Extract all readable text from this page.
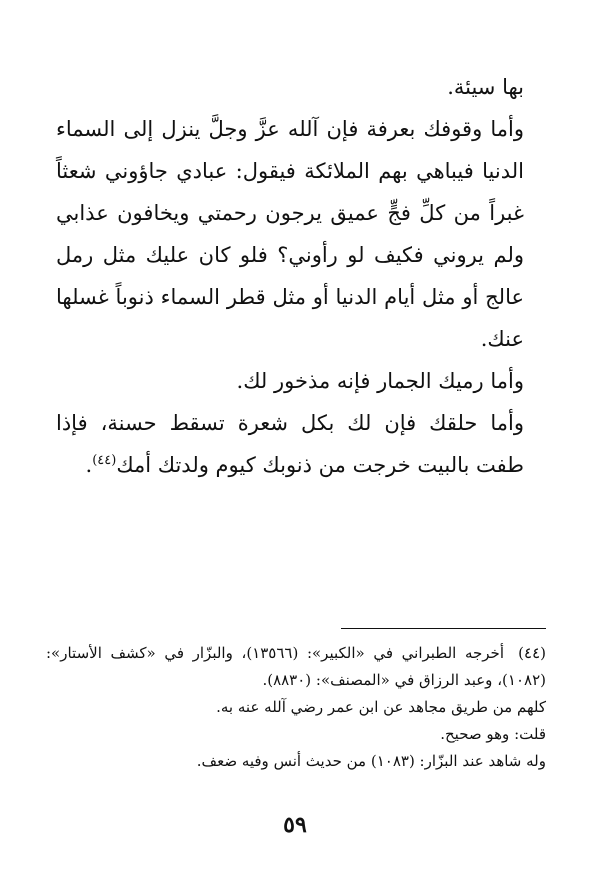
بها سيئة.

وأما وقوفك بعرفة فإن آلله عزَّ وجلَّ ينزل إلى السماء الدنيا فيباهي بهم الملائكة فيقول: عبادي جاؤوني شعثاً غبراً من كلِّ فجٍّ عميق يرجون رحمتي ويخافون عذابي ولم يروني فكيف لو رأوني؟ فلو كان عليك مثل رمل عالج أو مثل أيام الدنيا أو مثل قطر السماء ذنوباً غسلها عنك.

وأما رميك الجمار فإنه مذخور لك.

وأما حلقك فإن لك بكل شعرة تسقط حسنة، فإذا طفت بالبيت خرجت من ذنوبك كيوم ولدتك أمك$^{(٤٤)}$.

(٤٤)أخرجه الطبراني في «الكبير»: (١٣٥٦٦)، والبزّار في «كشف الأستار»: (١٠٨٢)، وعبد الرزاق في «المصنف»: (٨٨٣٠).

كلهم من طريق مجاهد عن ابن عمر رضي آلله عنه به.

قلت: وهو صحيح.

وله شاهد عند البزّار: (١٠٨٣) من حديث أنس وفيه ضعف.

٥٩
